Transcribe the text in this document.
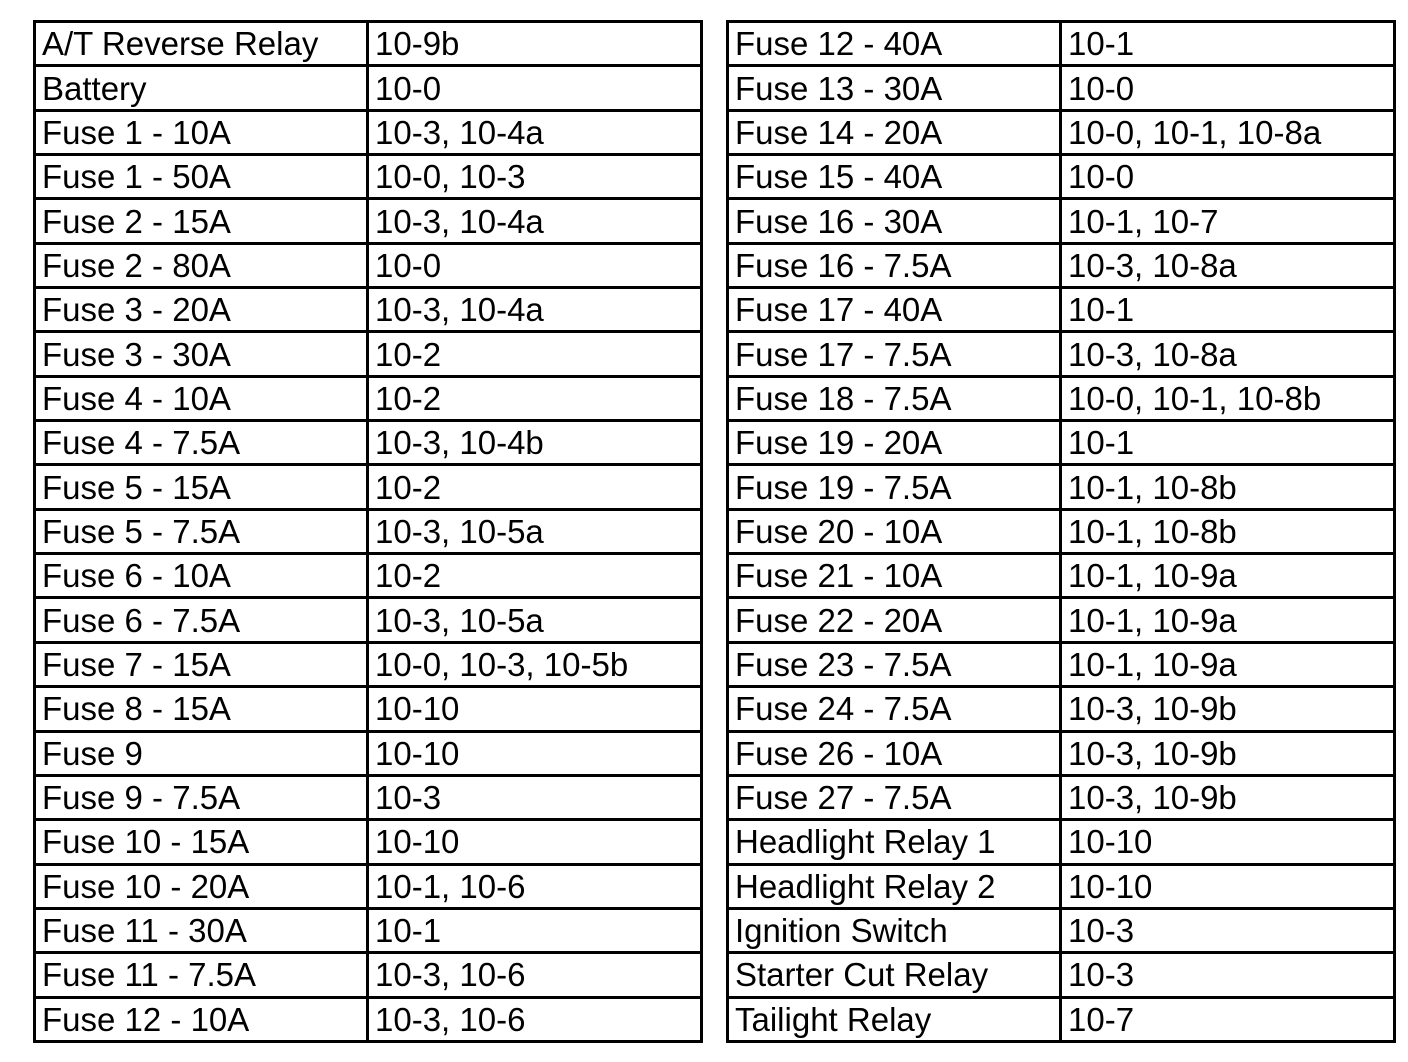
A/T Reverse Relay	10-9b
Battery	10-0
Fuse 1 - 10A	10-3, 10-4a
Fuse 1 - 50A	10-0, 10-3
Fuse 2 - 15A	10-3, 10-4a
Fuse 2 - 80A	10-0
Fuse 3 - 20A	10-3, 10-4a
Fuse 3 - 30A	10-2
Fuse 4 - 10A	10-2
Fuse 4 - 7.5A	10-3, 10-4b
Fuse 5 - 15A	10-2
Fuse 5 - 7.5A	10-3, 10-5a
Fuse 6 - 10A	10-2
Fuse 6 - 7.5A	10-3, 10-5a
Fuse 7 - 15A	10-0, 10-3, 10-5b
Fuse 8 - 15A	10-10
Fuse 9	10-10
Fuse 9 - 7.5A	10-3
Fuse 10 - 15A	10-10
Fuse 10 - 20A	10-1, 10-6
Fuse 11 - 30A	10-1
Fuse 11 - 7.5A	10-3, 10-6
Fuse 12 - 10A	10-3, 10-6
Fuse 12 - 40A	10-1
Fuse 13 - 30A	10-0
Fuse 14 - 20A	10-0, 10-1, 10-8a
Fuse 15 - 40A	10-0
Fuse 16 - 30A	10-1, 10-7
Fuse 16 - 7.5A	10-3, 10-8a
Fuse 17 - 40A	10-1
Fuse 17 - 7.5A	10-3, 10-8a
Fuse 18 - 7.5A	10-0, 10-1, 10-8b
Fuse 19 - 20A	10-1
Fuse 19 - 7.5A	10-1, 10-8b
Fuse 20 - 10A	10-1, 10-8b
Fuse 21 - 10A	10-1, 10-9a
Fuse 22 - 20A	10-1, 10-9a
Fuse 23 - 7.5A	10-1, 10-9a
Fuse 24 - 7.5A	10-3, 10-9b
Fuse 26 - 10A	10-3, 10-9b
Fuse 27 - 7.5A	10-3, 10-9b
Headlight Relay 1	10-10
Headlight Relay 2	10-10
Ignition Switch	10-3
Starter Cut Relay	10-3
Tailight Relay	10-7
